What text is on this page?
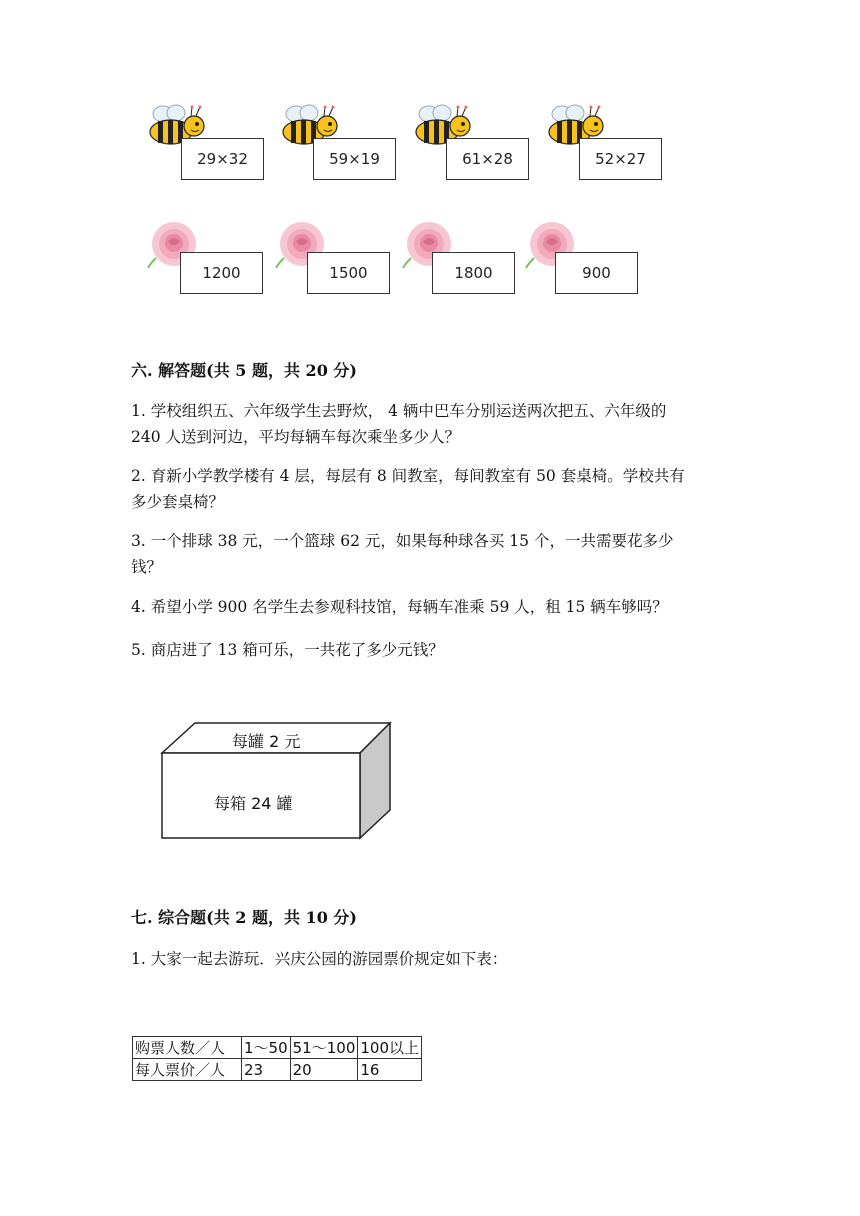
29×32	59×19	61×28	52×27
1200	1500	1800	900
六. 解答题(共 5 题，共 20 分)
1. 学校组织五、六年级学生去野炊， 4 辆中巴车分别运送两次把五、六年级的
240 人送到河边，平均每辆车每次乘坐多少人？
2. 育新小学教学楼有 4 层，每层有 8 间教室，每间教室有 50 套桌椅。学校共有
多少套桌椅？
3. 一个排球 38 元，一个篮球 62 元，如果每种球各买 15 个，一共需要花多少
钱？
4. 希望小学 900 名学生去参观科技馆，每辆车准乘 59 人，租 15 辆车够吗？
5. 商店进了 13 箱可乐，一共花了多少元钱？
每罐 2 元
每箱 24 罐
七. 综合题(共 2 题，共 10 分)
1. 大家一起去游玩．兴庆公园的游园票价规定如下表：
购票人数／人	1～50	51～100	100以上
每人票价／人	23	20	16
